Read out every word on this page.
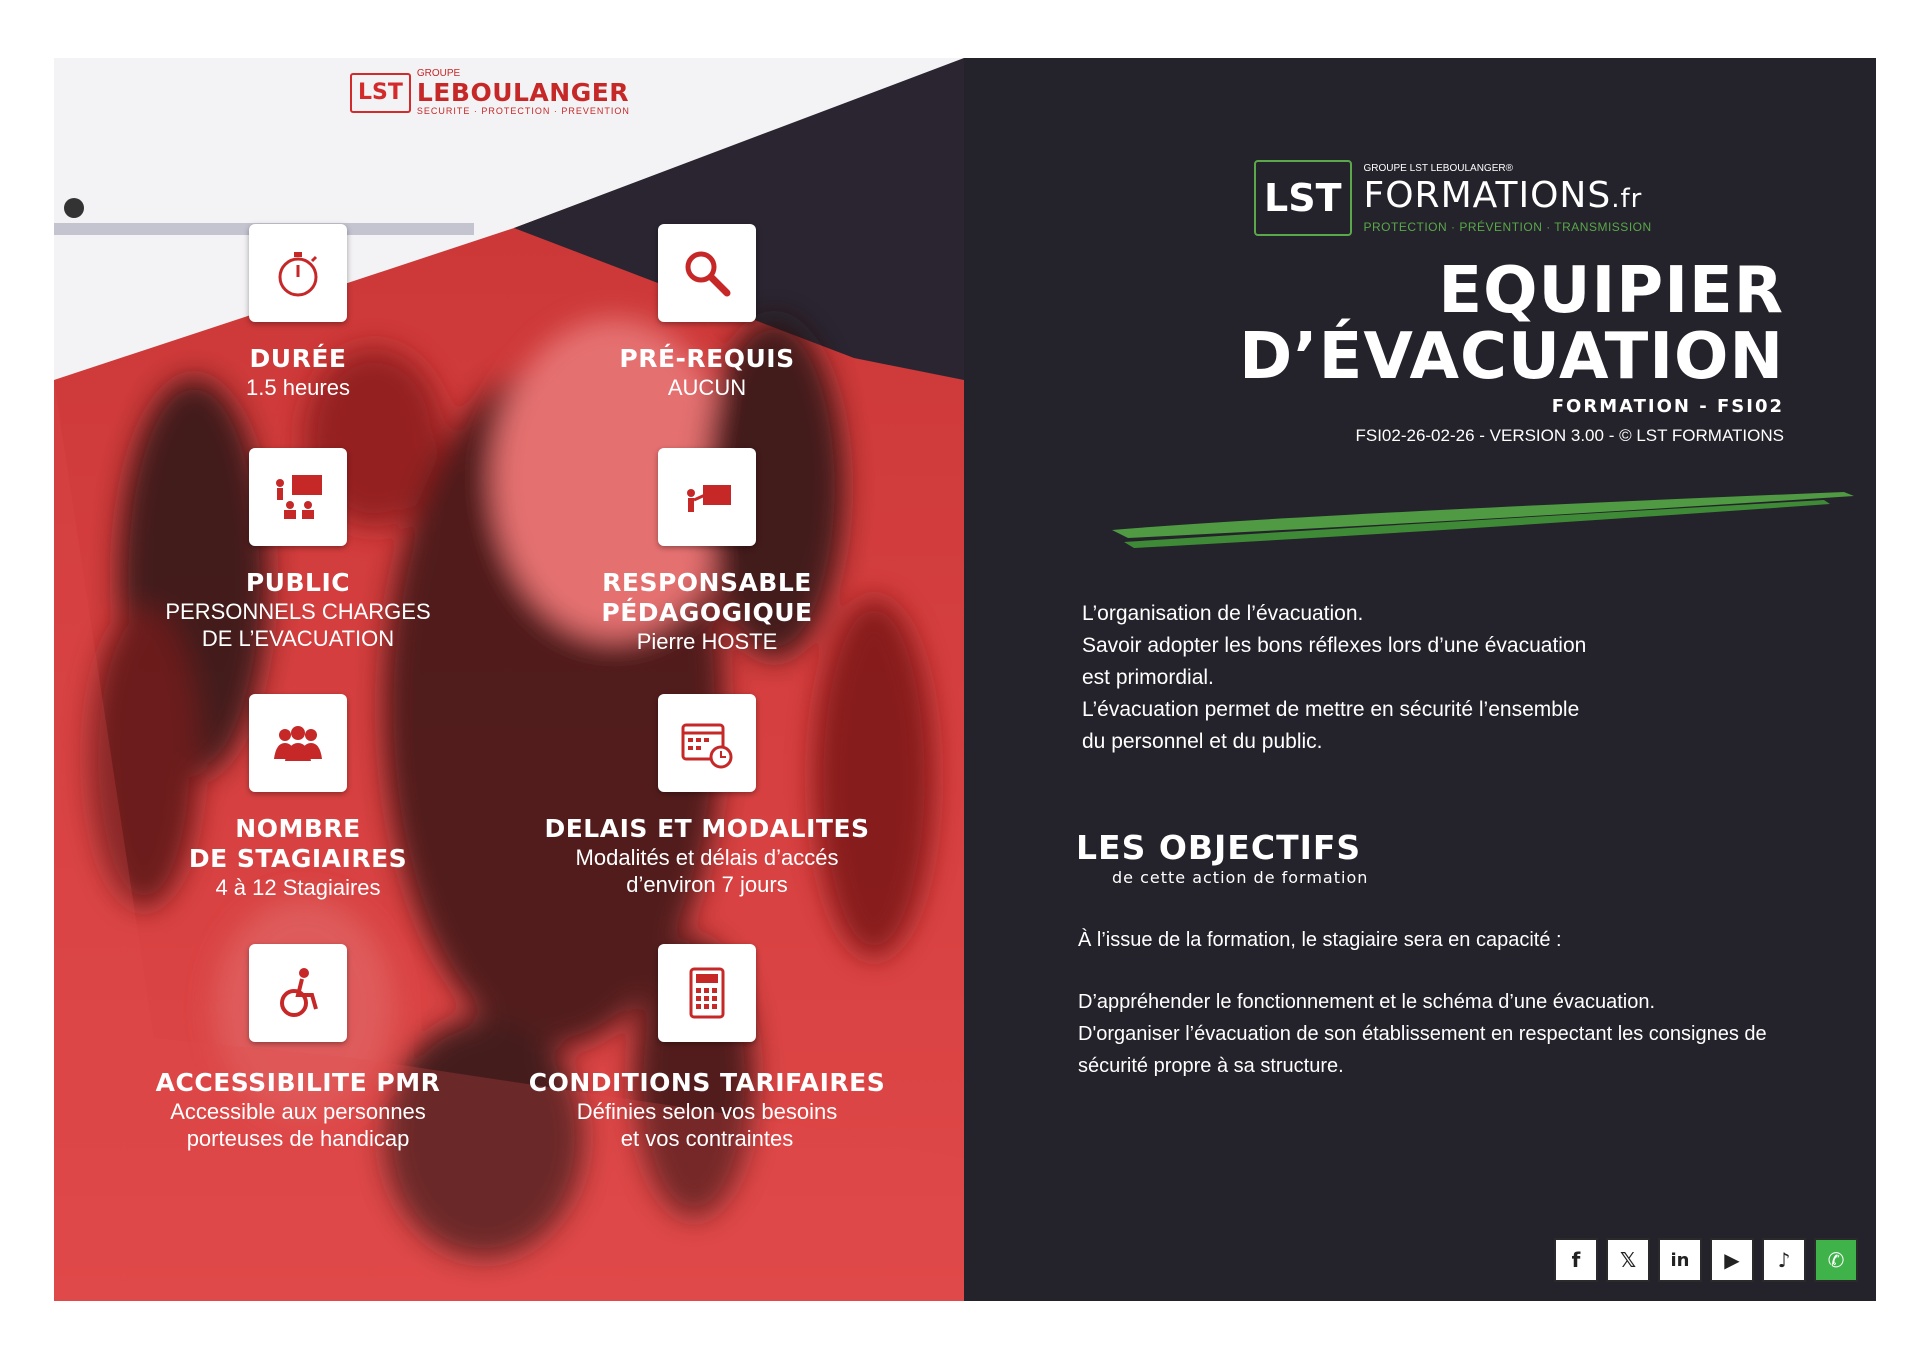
LST
GROUPE
LEBOULANGER
SECURITE · PROTECTION · PREVENTION
DURÉE
1.5 heures
PRÉ-REQUIS
AUCUN
PUBLIC
PERSONNELS CHARGES
DE L’EVACUATION
RESPONSABLE
PÉDAGOGIQUE
Pierre HOSTE
NOMBRE
DE STAGIAIRES
4 à 12 Stagiaires
DELAIS ET MODALITES
Modalités et délais d’accés
d’environ 7 jours
ACCESSIBILITE PMR
Accessible aux personnes
porteuses de handicap
CONDITIONS TARIFAIRES
Définies selon vos besoins
et vos contraintes
LST
GROUPE LST LEBOULANGER®
FORMATIONS.fr
PROTECTION · PRÉVENTION · TRANSMISSION
EQUIPIER
D’ÉVACUATION
FORMATION - FSI02
FSI02-26-02-26 - VERSION 3.00 - © LST FORMATIONS
L’organisation de l’évacuation.
Savoir adopter les bons réflexes lors d’une évacuation
est primordial.
L’évacuation permet de mettre en sécurité l’ensemble
du personnel et du public.
LES OBJECTIFS
de cette action de formation
À l’issue de la formation, le stagiaire sera en capacité :
D’appréhender le fonctionnement et le schéma d’une évacuation.
D'organiser l’évacuation de son établissement en respectant les consignes de
sécurité propre à sa structure.
f	𝕏	in	▶	♪	✆
